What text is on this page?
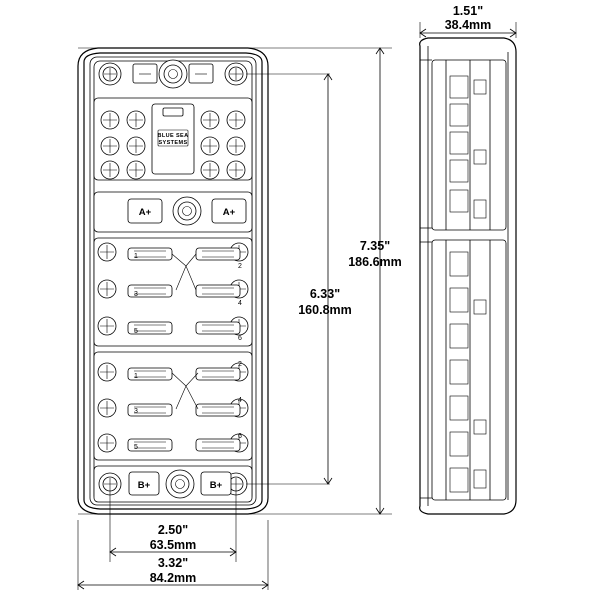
BLUE SEA
SYSTEMS
A+	A+
1
2
3
4
5
6
1
2
3
4
5
6
B+	B+
7.35"
186.6mm
6.33"
160.8mm
2.50"
63.5mm
3.32"
84.2mm
1.51"
38.4mm
